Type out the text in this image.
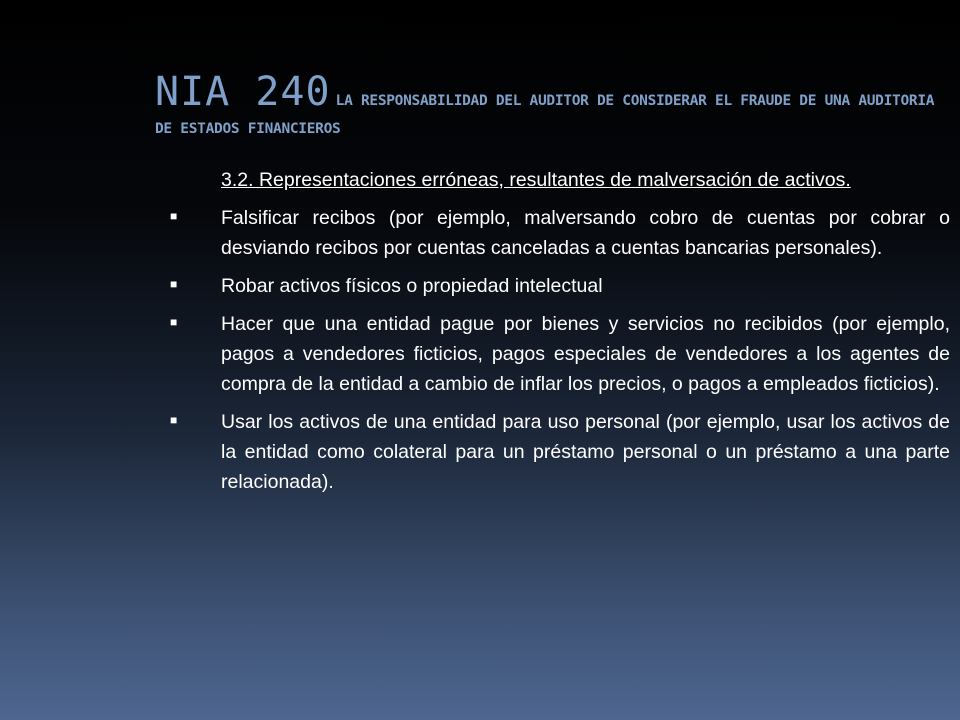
NIA 240 LA RESPONSABILIDAD DEL AUDITOR DE CONSIDERAR EL FRAUDE DE UNA AUDITORIA DE ESTADOS FINANCIEROS
3.2. Representaciones erróneas, resultantes de malversación de activos.
■	Falsificar recibos (por ejemplo, malversando cobro de cuentas por cobrar o desviando recibos por cuentas canceladas a cuentas bancarias personales).
■	Robar activos físicos o propiedad intelectual
■	Hacer que una entidad pague por bienes y servicios no recibidos (por ejemplo, pagos a vendedores ficticios, pagos especiales de vendedores a los agentes de compra de la entidad a cambio de inflar los precios, o pagos a empleados ficticios).
■	Usar los activos de una entidad para uso personal (por ejemplo, usar los activos de la entidad como colateral para un préstamo personal o un préstamo a una parte relacionada).
